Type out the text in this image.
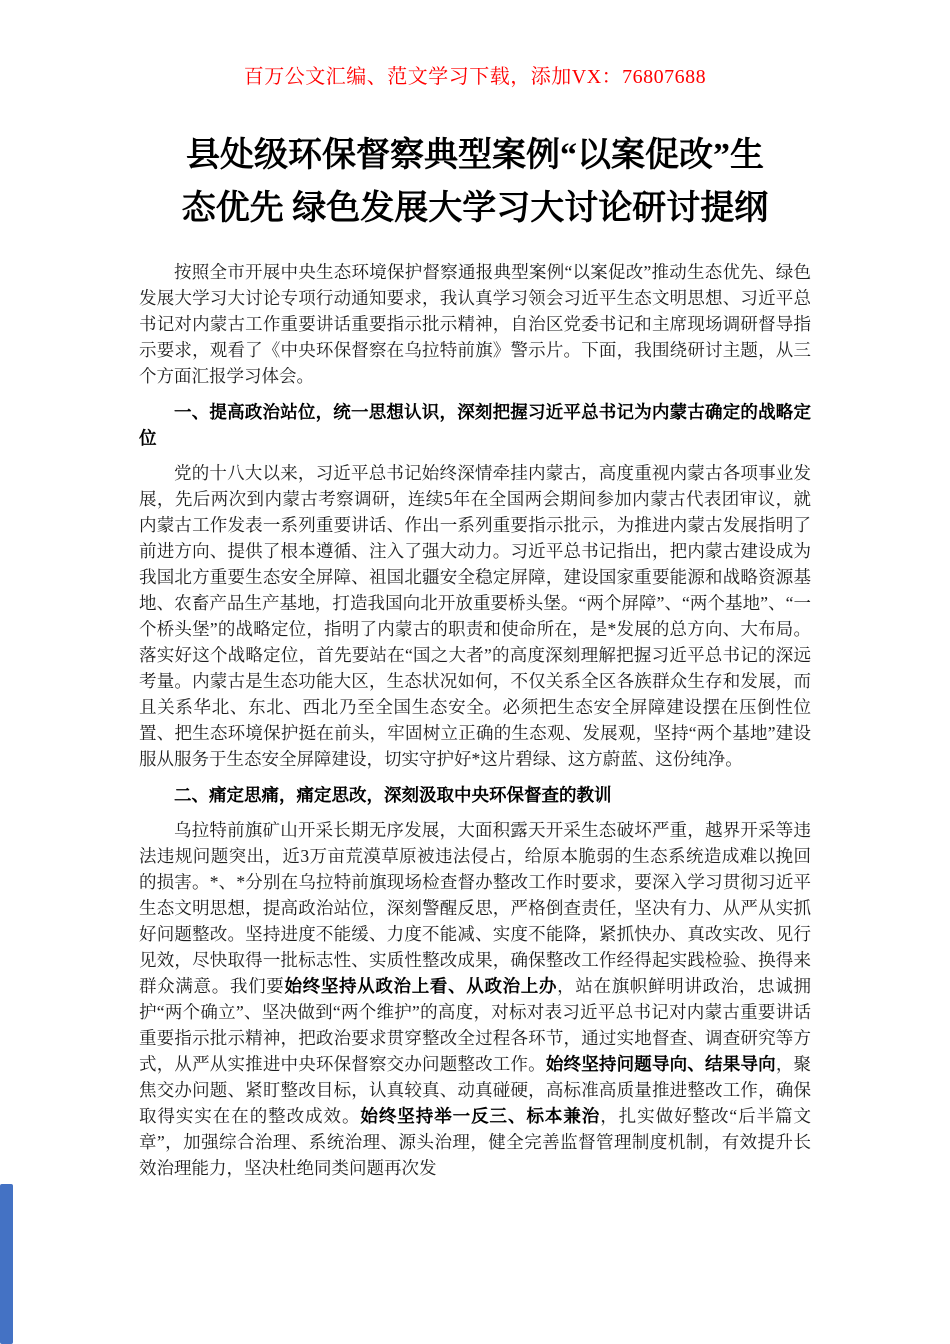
百万公文汇编、范文学习下载，添加VX：76807688
县处级环保督察典型案例“以案促改”生
态优先 绿色发展大学习大讨论研讨提纲

按照全市开展中央生态环境保护督察通报典型案例“以案促改”推动生态优先、绿色发展大学习大讨论专项行动通知要求，我认真学习领会习近平生态文明思想、习近平总书记对内蒙古工作重要讲话重要指示批示精神，自治区党委书记和主席现场调研督导指示要求，观看了《中央环保督察在乌拉特前旗》警示片。下面，我围绕研讨主题，从三个方面汇报学习体会。

一、提高政治站位，统一思想认识，深刻把握习近平总书记为内蒙古确定的战略定位

党的十八大以来，习近平总书记始终深情牵挂内蒙古，高度重视内蒙古各项事业发展，先后两次到内蒙古考察调研，连续5年在全国两会期间参加内蒙古代表团审议，就内蒙古工作发表一系列重要讲话、作出一系列重要指示批示，为推进内蒙古发展指明了前进方向、提供了根本遵循、注入了强大动力。习近平总书记指出，把内蒙古建设成为我国北方重要生态安全屏障、祖国北疆安全稳定屏障，建设国家重要能源和战略资源基地、农畜产品生产基地，打造我国向北开放重要桥头堡。“两个屏障”、“两个基地”、“一个桥头堡”的战略定位，指明了内蒙古的职责和使命所在，是*发展的总方向、大布局。落实好这个战略定位，首先要站在“国之大者”的高度深刻理解把握习近平总书记的深远考量。内蒙古是生态功能大区，生态状况如何，不仅关系全区各族群众生存和发展，而且关系华北、东北、西北乃至全国生态安全。必须把生态安全屏障建设摆在压倒性位置、把生态环境保护挺在前头，牢固树立正确的生态观、发展观，坚持“两个基地”建设服从服务于生态安全屏障建设，切实守护好*这片碧绿、这方蔚蓝、这份纯净。

二、痛定思痛，痛定思改，深刻汲取中央环保督查的教训

乌拉特前旗矿山开采长期无序发展，大面积露天开采生态破坏严重，越界开采等违法违规问题突出，近3万亩荒漠草原被违法侵占，给原本脆弱的生态系统造成难以挽回的损害。*、*分别在乌拉特前旗现场检查督办整改工作时要求，要深入学习贯彻习近平生态文明思想，提高政治站位，深刻警醒反思，严格倒查责任，坚决有力、从严从实抓好问题整改。坚持进度不能缓、力度不能减、实度不能降，紧抓快办、真改实改、见行见效，尽快取得一批标志性、实质性整改成果，确保整改工作经得起实践检验、换得来群众满意。我们要始终坚持从政治上看、从政治上办，站在旗帜鲜明讲政治，忠诚拥护“两个确立”、坚决做到“两个维护”的高度，对标对表习近平总书记对内蒙古重要讲话重要指示批示精神，把政治要求贯穿整改全过程各环节，通过实地督查、调查研究等方式，从严从实推进中央环保督察交办问题整改工作。始终坚持问题导向、结果导向，聚焦交办问题、紧盯整改目标，认真较真、动真碰硬，高标准高质量推进整改工作，确保取得实实在在的整改成效。始终坚持举一反三、标本兼治，扎实做好整改“后半篇文章”，加强综合治理、系统治理、源头治理，健全完善监督管理制度机制，有效提升长效治理能力，坚决杜绝同类问题再次发
